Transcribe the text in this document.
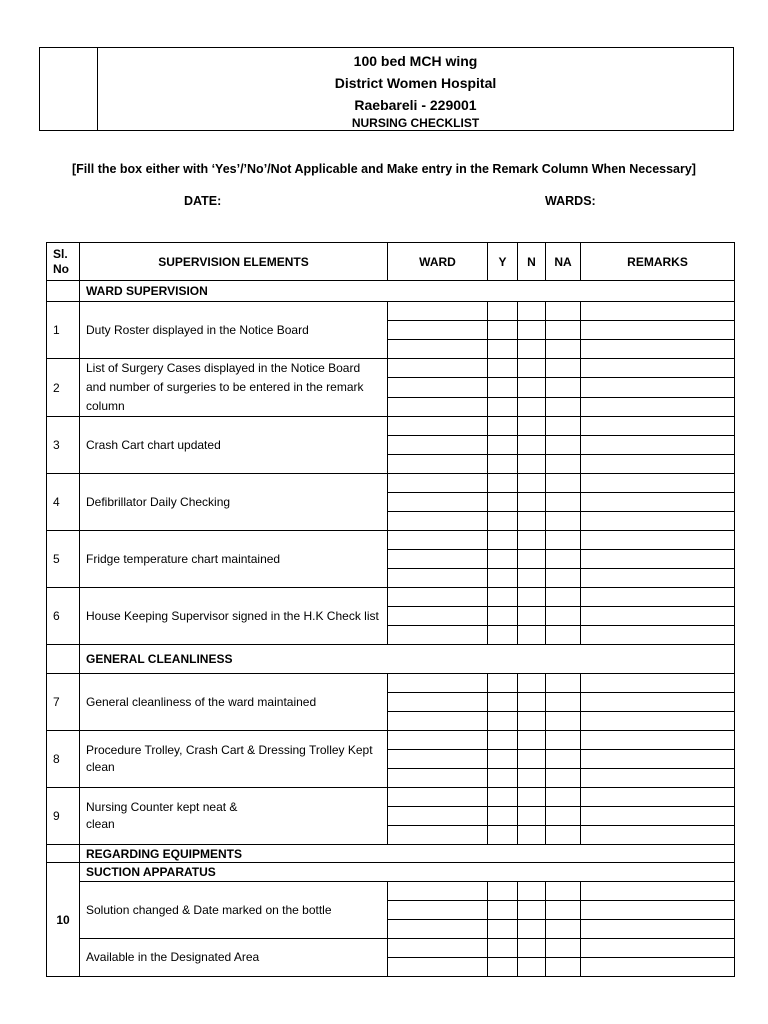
100 bed MCH wing
District Women Hospital
Raebareli - 229001
NURSING CHECKLIST
[Fill the box either with ‘Yes’/’No’/Not Applicable and Make entry in the Remark Column When Necessary]
DATE:	WARDS:
Sl.
No	SUPERVISION ELEMENTS	WARD	Y	N	NA	REMARKS
	WARD SUPERVISION					
1	Duty Roster displayed in the Notice Board					

2	List of Surgery Cases displayed in the Notice Board and number of surgeries to be entered in the remark column					

3	Crash Cart chart updated					

4	Defibrillator Daily Checking					

5	Fridge temperature chart maintained					

6	House Keeping Supervisor signed in the H.K Check list					

	GENERAL CLEANLINESS					
7	General cleanliness of the ward maintained					

8	Procedure Trolley, Crash Cart & Dressing Trolley Kept clean					

9	Nursing Counter kept neat &
clean					

	REGARDING EQUIPMENTS					
10	SUCTION APPARATUS					
	Solution changed & Date marked on the bottle					

	Available in the Designated Area					
